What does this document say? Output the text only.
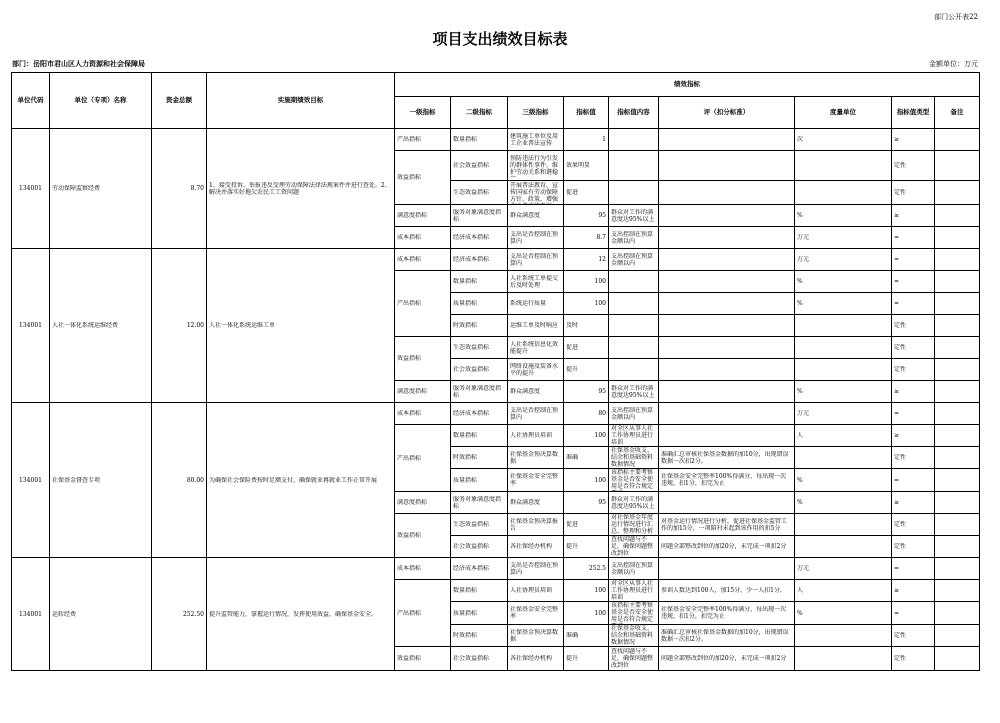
部门公开表22
项目支出绩效目标表
部门：岳阳市君山区人力资源和社会保障局	金额单位：万元
单位代码	单位（专项）名称	资金总额	实施期绩效目标	绩效指标								
				一级指标	二级指标	三级指标	指标值	指标值内容	评（扣分标准）	度量单位	指标值类型	备注

134001	劳动保障监察经费	8.70	1、接受投诉、举报违反受理劳动保障法律法规案件并进行查处。2、解决并落实好拖欠农民工工资问题	产出指标	数量指标	建筑施工单位及用工企业普法宣传	1			次	≥	

				效益指标	社会效益指标	预防违法行为引发的群体性事件，维护劳动关系和谐稳	效果明显				定性	

					生态效益指标	开展普法教育，宣传国家有劳动保障方针、政策，增强	促进				定性	

				满意度指标	服务对象满意度指标	群众满意度	95	群众对工作的满意度达95%以上		%	≥	

				成本指标	经济成本指标	支出是否控制在预算内	8.7	支出控制在预算金额以内		万元	=	

134001	人社一体化系统运维经费	12.00	人社一体化系统运维工单	成本指标	经济成本指标	支出是否控制在预算内	12	支出控制在预算金额以内		万元	=	

				产出指标	数量指标	人社系统工单提交后及时处理	100			%	=	

					质量指标	系统运行质量	100			%	=	

					时效指标	运维工单及时响应	及时				定性	

				效益指标	生态效益指标	人社系统信息化效能提升	促进				定性	

					社会效益指标	网络设施及装备水平的提升	提升				定性	

				满意度指标	服务对象满意度指标	群众满意度	95	群众对工作的满意度达95%以上		%	≥	

134001	社保基金督查专项	80.00	为确保社会保险费按时足额支付，确保就业再就业工作正常开展	成本指标	经济成本指标	支出是否控制在预算内	80	支出控制在预算金额以内		万元	=	

				产出指标	数量指标	人社协理员培训	100	对全区从事人社工作协理员进行培训		人	≥	

					时效指标	社保基金预决算数据	准确	社保基金收支、结余和基础资料数据情况	准确汇总审核社保基金数据的加10分，出现错误数据一次扣2分。		定性	

					质量指标	社保基金安全完整率	100	该指标主要考察基金是否安全使用是否符合规定	社保基金安全完整率100%得满分，每出现一次违规，扣1分，扣完为止	%	=	

				满意度指标	服务对象满意度指标	群众满意度	95	群众对工作的满意度达95%以上		%	≥	

				效益指标	生态效益指标	社保基金预决算报告	促进	对社保基金年度运行情况进行汇总、整理和分析	对基金运行情况进行分析，促进社保基金监管工作的加15分，一项陪衬未起到该作用的扣5分		定性	

					社会效益指标	各社保经办机构	提升	查找问题与不足，确保问题整改到位	问题全部整改到位的加20分，未完成一项扣2分		定性	

134001	运转经费	252.50	提升监管能力，掌握运行情况，发挥使用效益，确保基金安全。	成本指标	经济成本指标	支出是否控制在预算内	252.5	支出控制在预算金额以内		万元	=	

				产出指标	数量指标	人社协理员培训	100	对全区从事人社工作协理员进行培训	参训人数达到100人，加15分，少一人扣1分。	人	≥	

					质量指标	社保基金安全完整率	100	该指标主要考察基金是否安全使用是否符合规定	社保基金安全完整率100%得满分，每出现一次违规，扣1分，扣完为止	%	=	

					时效指标	社保基金预决算数据	准确	社保基金收支、结余和基础资料数据情况	准确汇总审核社保基金数据的加10分，出现错误数据一次扣2分。		定性	

				效益指标	社会效益指标	各社保经办机构	提升	查找问题与不足，确保问题整改到位	问题全部整改到位的加20分，未完成一项扣2分		定性	
